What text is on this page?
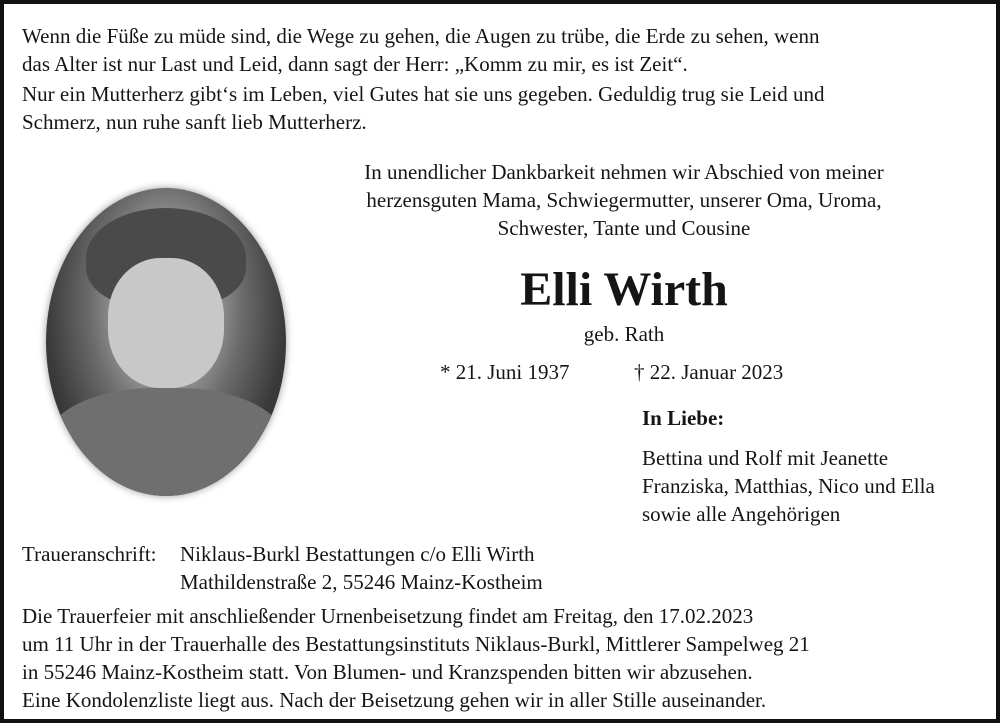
Wenn die Füße zu müde sind, die Wege zu gehen, die Augen zu trübe, die Erde zu sehen, wenn
das Alter ist nur Last und Leid, dann sagt der Herr: „Komm zu mir, es ist Zeit“.
Nur ein Mutterherz gibt‘s im Leben, viel Gutes hat sie uns gegeben. Geduldig trug sie Leid und
Schmerz, nun ruhe sanft lieb Mutterherz.
In unendlicher Dankbarkeit nehmen wir Abschied von meiner
herzensguten Mama, Schwiegermutter, unserer Oma, Uroma,
Schwester, Tante und Cousine
Elli Wirth
geb. Rath
* 21. Juni 1937	† 22. Januar 2023
In Liebe:
Bettina und Rolf mit Jeanette
Franziska, Matthias, Nico und Ella
sowie alle Angehörigen
Traueranschrift: Niklaus-Burkl Bestattungen c/o Elli Wirth
Mathildenstraße 2, 55246 Mainz-Kostheim
Die Trauerfeier mit anschließender Urnenbeisetzung findet am Freitag, den 17.02.2023
um 11 Uhr in der Trauerhalle des Bestattungsinstituts Niklaus-Burkl, Mittlerer Sampelweg 21
in 55246 Mainz-Kostheim statt. Von Blumen- und Kranzspenden bitten wir abzusehen.
Eine Kondolenzliste liegt aus. Nach der Beisetzung gehen wir in aller Stille auseinander.
